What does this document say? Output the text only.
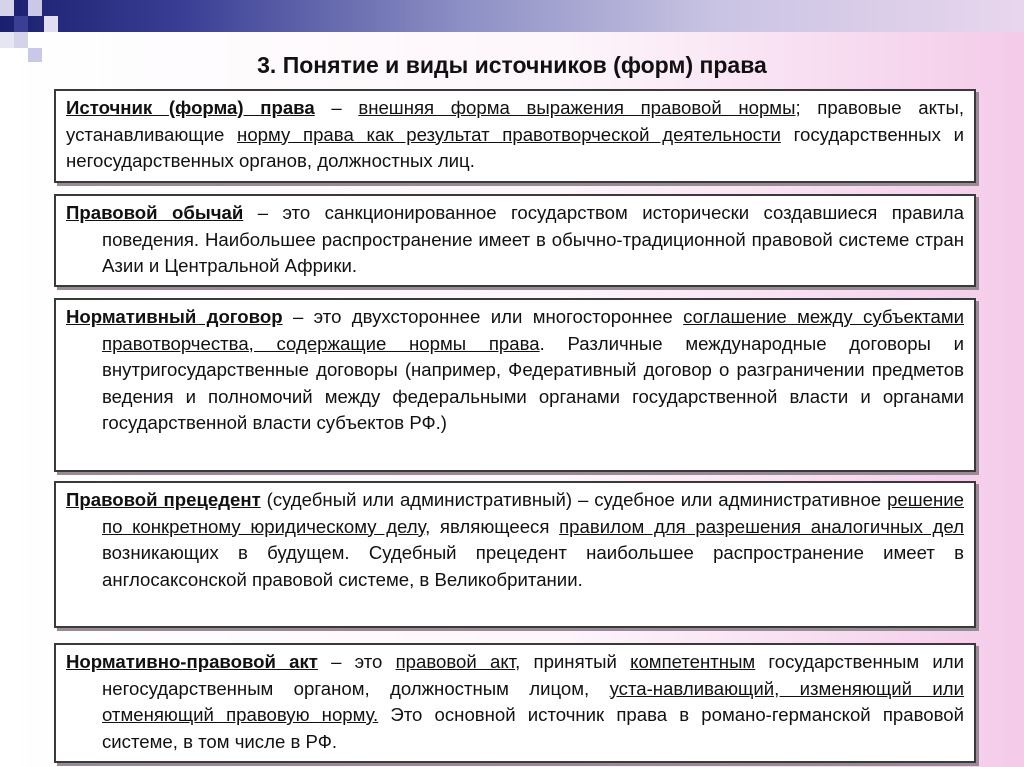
3. Понятие и виды источников (форм) права

Источник (форма) права – внешняя форма выражения правовой нормы; правовые акты, устанавливающие норму права как результат правотворческой деятельности государственных и негосударственных органов, должностных лиц.

Правовой обычай – это санкционированное государством исторически создавшиеся правила поведения. Наибольшее распространение имеет в обычно-традиционной правовой системе стран Азии и Центральной Африки.

Нормативный договор – это двухстороннее или многостороннее соглашение между субъектами правотворчества, содержащие нормы права. Различные международные договоры и внутригосударственные договоры (например, Федеративный договор о разграничении предметов ведения и полномочий между федеральными органами государственной власти и органами государственной власти субъектов РФ.)

Правовой прецедент (судебный или административный) – судебное или административное решение по конкретному юридическому делу, являющееся правилом для разрешения аналогичных дел возникающих в будущем. Судебный прецедент наибольшее распространение имеет в англосаксонской правовой системе, в Великобритании.

Нормативно-правовой акт – это правовой акт, принятый компетентным государственным или негосударственным органом, должностным лицом, уста-навливающий, изменяющий или отменяющий правовую норму. Это основной источник права в романо-германской правовой системе, в том числе в РФ.
